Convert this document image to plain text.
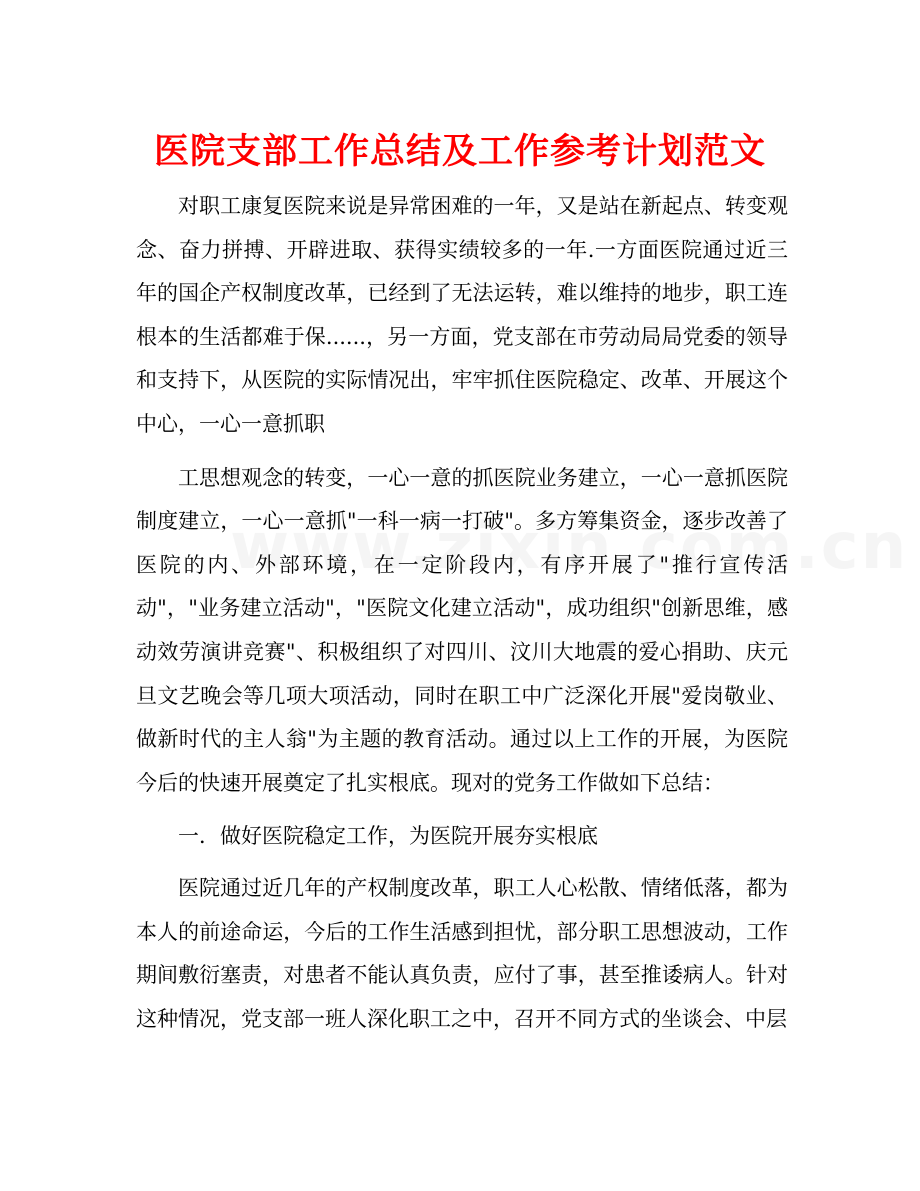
医院支部工作总结及工作参考计划范文

对职工康复医院来说是异常困难的一年，又是站在新起点、转变观念、奋力拼搏、开辟进取、获得实绩较多的一年.一方面医院通过近三年的国企产权制度改革，已经到了无法运转，难以维持的地步，职工连根本的生活都难于保......，另一方面，党支部在市劳动局局党委的领导和支持下，从医院的实际情况出，牢牢抓住医院稳定、改革、开展这个中心，一心一意抓职

工思想观念的转变，一心一意的抓医院业务建立，一心一意抓医院制度建立，一心一意抓"一科一病一打破"。多方筹集资金，逐步改善了医院的内、外部环境，在一定阶段内，有序开展了"推行宣传活动"，"业务建立活动"，"医院文化建立活动"，成功组织"创新思维，感动效劳演讲竞赛"、积极组织了对四川、汶川大地震的爱心捐助、庆元旦文艺晚会等几项大项活动，同时在职工中广泛深化开展"爱岗敬业、做新时代的主人翁"为主题的教育活动。通过以上工作的开展，为医院今后的快速开展奠定了扎实根底。现对的党务工作做如下总结：

一．做好医院稳定工作，为医院开展夯实根底

医院通过近几年的产权制度改革，职工人心松散、情绪低落，都为本人的前途命运，今后的工作生活感到担忧，部分职工思想波动，工作期间敷衍塞责，对患者不能认真负责，应付了事，甚至推诿病人。针对这种情况，党支部一班人深化职工之中，召开不同方式的坐谈会、中层
